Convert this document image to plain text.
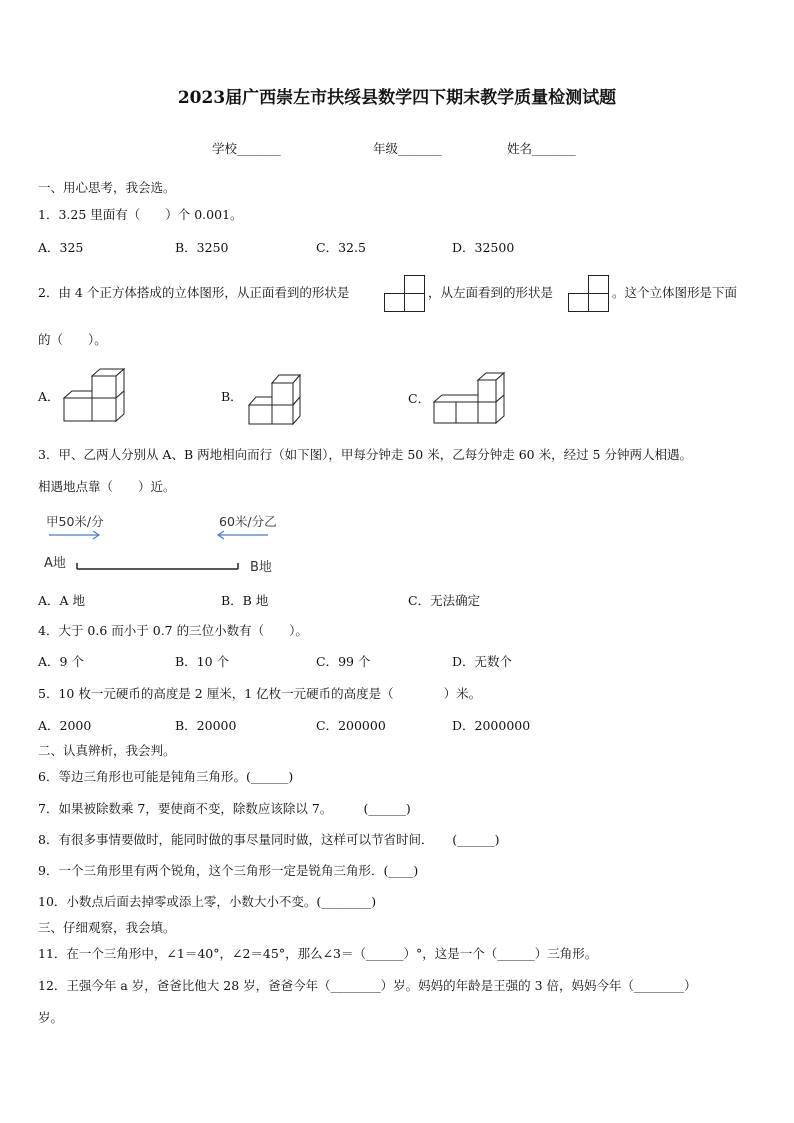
2023届广西崇左市扶绥县数学四下期末教学质量检测试题
学校_______	年级_______	姓名_______
一、用心思考，我会选。
1．3.25 里面有（　　）个 0.001。
A．325	B．3250	C．32.5	D．32500
2．由 4 个正方体搭成的立体图形，从正面看到的形状是	，从左面看到的形状是	。这个立体图形是下面
的（　　）。
A．	B．	C．
3．甲、乙两人分别从 A、B 两地相向而行（如下图），甲每分钟走 50 米，乙每分钟走 60 米，经过 5 分钟两人相遇。
相遇地点靠（　　）近。
甲50米/分	60米/分乙
A地	B地
A．A 地	B．B 地	C．无法确定
4．大于 0.6 而小于 0.7 的三位小数有（　　）。
A．9 个	B．10 个	C．99 个	D．无数个
5．10 枚一元硬币的高度是 2 厘米，1 亿枚一元硬币的高度是（　　　　）米。
A．2000	B．20000	C．200000	D．2000000
二、认真辨析，我会判。
6．等边三角形也可能是钝角三角形。(______)
7．如果被除数乘 7，要使商不变，除数应该除以 7。　　　(______)
8．有很多事情要做时，能同时做的事尽量同时做，这样可以节省时间．　　(______)
9．一个三角形里有两个锐角，这个三角形一定是锐角三角形．(____)
10．小数点后面去掉零或添上零，小数大小不变。(________)
三、仔细观察，我会填。
11．在一个三角形中，∠1＝40°，∠2＝45°，那么∠3＝（______）°，这是一个（______）三角形。
12．王强今年 a 岁，爸爸比他大 28 岁，爸爸今年（________）岁。妈妈的年龄是王强的 3 倍，妈妈今年（________）
岁。
